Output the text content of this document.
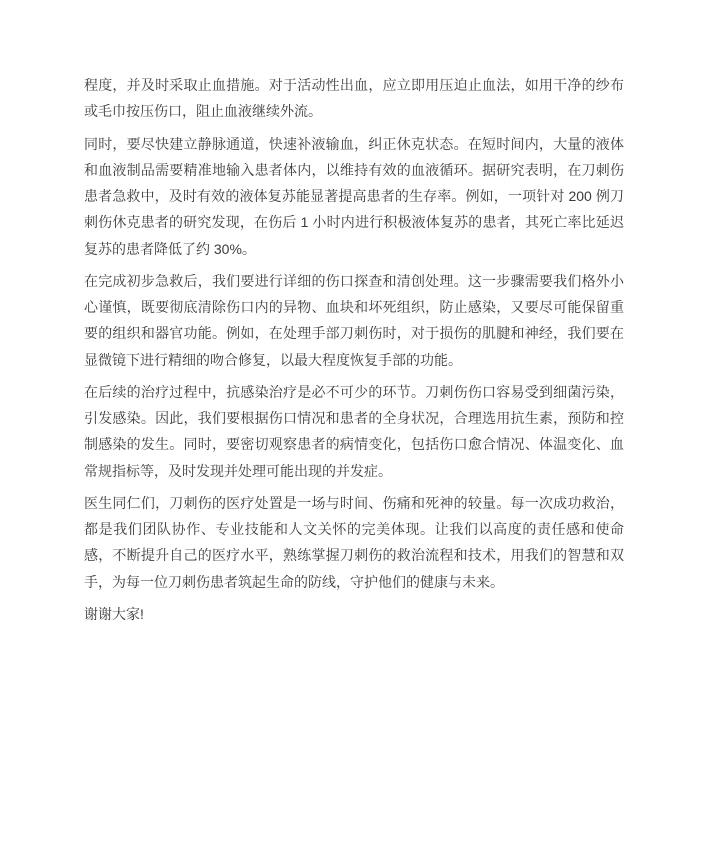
程度，并及时采取止血措施。对于活动性出血，应立即用压迫止血法，如用干净的纱布或毛巾按压伤口，阻止血液继续外流。

同时，要尽快建立静脉通道，快速补液输血，纠正休克状态。在短时间内，大量的液体和血液制品需要精准地输入患者体内，以维持有效的血液循环。据研究表明，在刀刺伤患者急救中，及时有效的液体复苏能显著提高患者的生存率。例如，一项针对 200 例刀刺伤休克患者的研究发现，在伤后 1 小时内进行积极液体复苏的患者，其死亡率比延迟复苏的患者降低了约 30%。

在完成初步急救后，我们要进行详细的伤口探查和清创处理。这一步骤需要我们格外小心谨慎，既要彻底清除伤口内的异物、血块和坏死组织，防止感染，又要尽可能保留重要的组织和器官功能。例如，在处理手部刀刺伤时，对于损伤的肌腱和神经，我们要在显微镜下进行精细的吻合修复，以最大程度恢复手部的功能。

在后续的治疗过程中，抗感染治疗是必不可少的环节。刀刺伤伤口容易受到细菌污染，引发感染。因此，我们要根据伤口情况和患者的全身状况，合理选用抗生素，预防和控制感染的发生。同时，要密切观察患者的病情变化，包括伤口愈合情况、体温变化、血常规指标等，及时发现并处理可能出现的并发症。

医生同仁们，刀刺伤的医疗处置是一场与时间、伤痛和死神的较量。每一次成功救治，都是我们团队协作、专业技能和人文关怀的完美体现。让我们以高度的责任感和使命感，不断提升自己的医疗水平，熟练掌握刀刺伤的救治流程和技术，用我们的智慧和双手，为每一位刀刺伤患者筑起生命的防线，守护他们的健康与未来。

谢谢大家!
